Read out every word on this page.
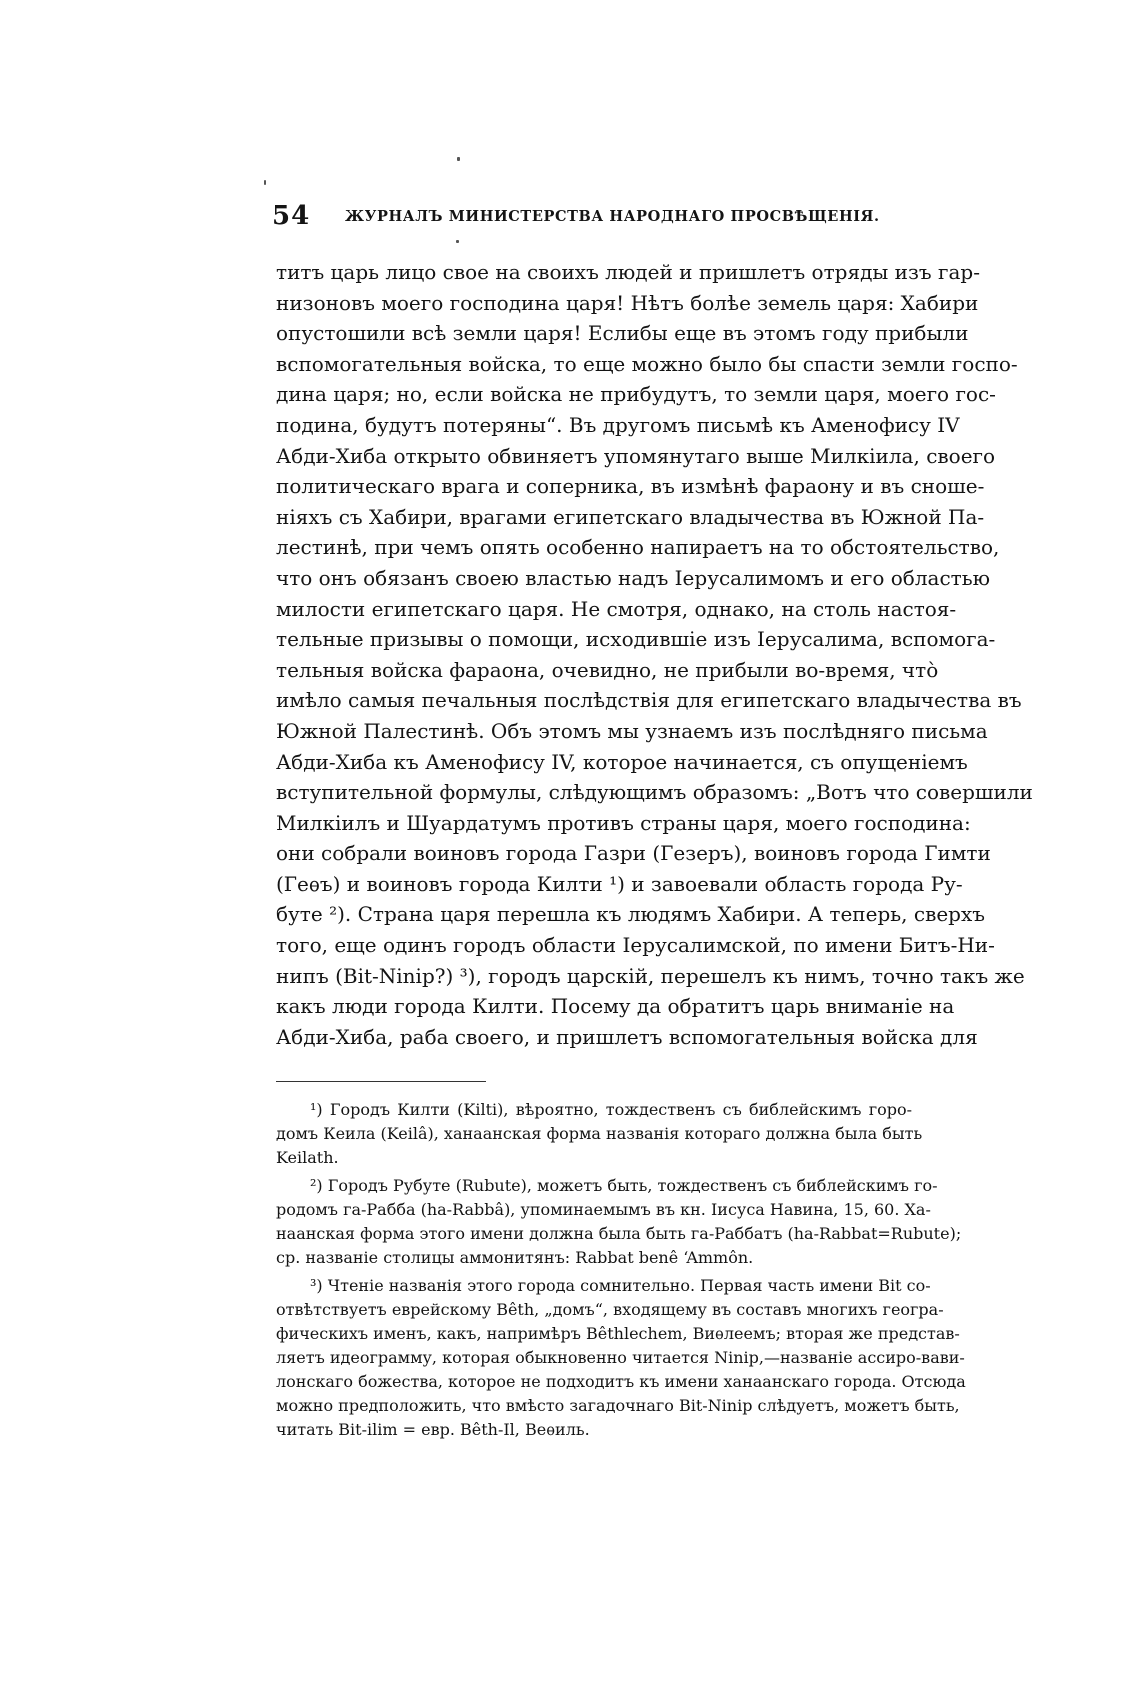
54 ЖУРНАЛЪ МИНИСТЕРСТВА НАРОДНАГО ПРОСВѢЩЕНІЯ.
титъ царь лицо свое на своихъ людей и пришлетъ отряды изъ гар-
низоновъ моего господина царя! Нѣтъ болѣе земель царя: Хабири
опустошили всѣ земли царя! Еслибы еще въ этомъ году прибыли
вспомогательныя войска, то еще можно было бы спасти земли госпо-
дина царя; но, если войска не прибудутъ, то земли царя, моего гос-
подина, будутъ потеряны“. Въ другомъ письмѣ къ Аменофису IV
Абди-Хиба открыто обвиняетъ упомянутаго выше Милкіила, своего
политическаго врага и соперника, въ измѣнѣ фараону и въ сноше-
ніяхъ съ Хабири, врагами египетскаго владычества въ Южной Па-
лестинѣ, при чемъ опять особенно напираетъ на то обстоятельство,
что онъ обязанъ своею властью надъ Іерусалимомъ и его областью
милости египетскаго царя. Не смотря, однако, на столь настоя-
тельные призывы о помощи, исходившіе изъ Іерусалима, вспомога-
тельныя войска фараона, очевидно, не прибыли во-время, что̀
имѣло самыя печальныя послѣдствія для египетскаго владычества въ
Южной Палестинѣ. Объ этомъ мы узнаемъ изъ послѣдняго письма
Абди-Хиба къ Аменофису IV, которое начинается, съ опущеніемъ
вступительной формулы, слѣдующимъ образомъ: „Вотъ что совершили
Милкіилъ и Шуардатумъ противъ страны царя, моего господина:
они собрали воиновъ города Газри (Гезеръ), воиновъ города Гимти
(Геѳъ) и воиновъ города Килти ¹) и завоевали область города Ру-
буте ²). Страна царя перешла къ людямъ Хабири. А теперь, сверхъ
того, еще одинъ городъ области Іерусалимской, по имени Битъ-Ни-
нипъ (Bit-Ninip?) ³), городъ царскій, перешелъ къ нимъ, точно такъ же
какъ люди города Килти. Посему да обратитъ царь вниманіе на
Абди-Хиба, раба своего, и пришлетъ вспомогательныя войска для
¹) Городъ Килти (Kilti), вѣроятно, тождественъ съ библейскимъ горо-
домъ Кеила (Keilâ), ханаанская форма названія котораго должна была быть
Keilath.
²) Городъ Рубуте (Rubute), можетъ быть, тождественъ съ библейскимъ го-
родомъ га-Рабба (ha-Rabbâ), упоминаемымъ въ кн. Іисуса Навина, 15, 60. Ха-
наанская форма этого имени должна была быть га-Раббатъ (ha-Rabbat=Rubute);
ср. названіе столицы аммонитянъ: Rabbat benê ʻAmmôn.
³) Чтеніе названія этого города сомнительно. Первая часть имени Bit со-
отвѣтствуетъ еврейскому Bêth, „домъ“, входящему въ составъ многихъ геогра-
фическихъ именъ, какъ, напримѣръ Bêthlechem, Виѳлеемъ; вторая же представ-
ляетъ идеограмму, которая обыкновенно читается Ninip,—названіе ассиро-вави-
лонскаго божества, которое не подходитъ къ имени ханаанскаго города. Отсюда
можно предположить, что вмѣсто загадочнаго Bit-Ninip слѣдуетъ, можетъ быть,
читать Bit-ilim = евр. Bêth-Il, Веѳиль.
